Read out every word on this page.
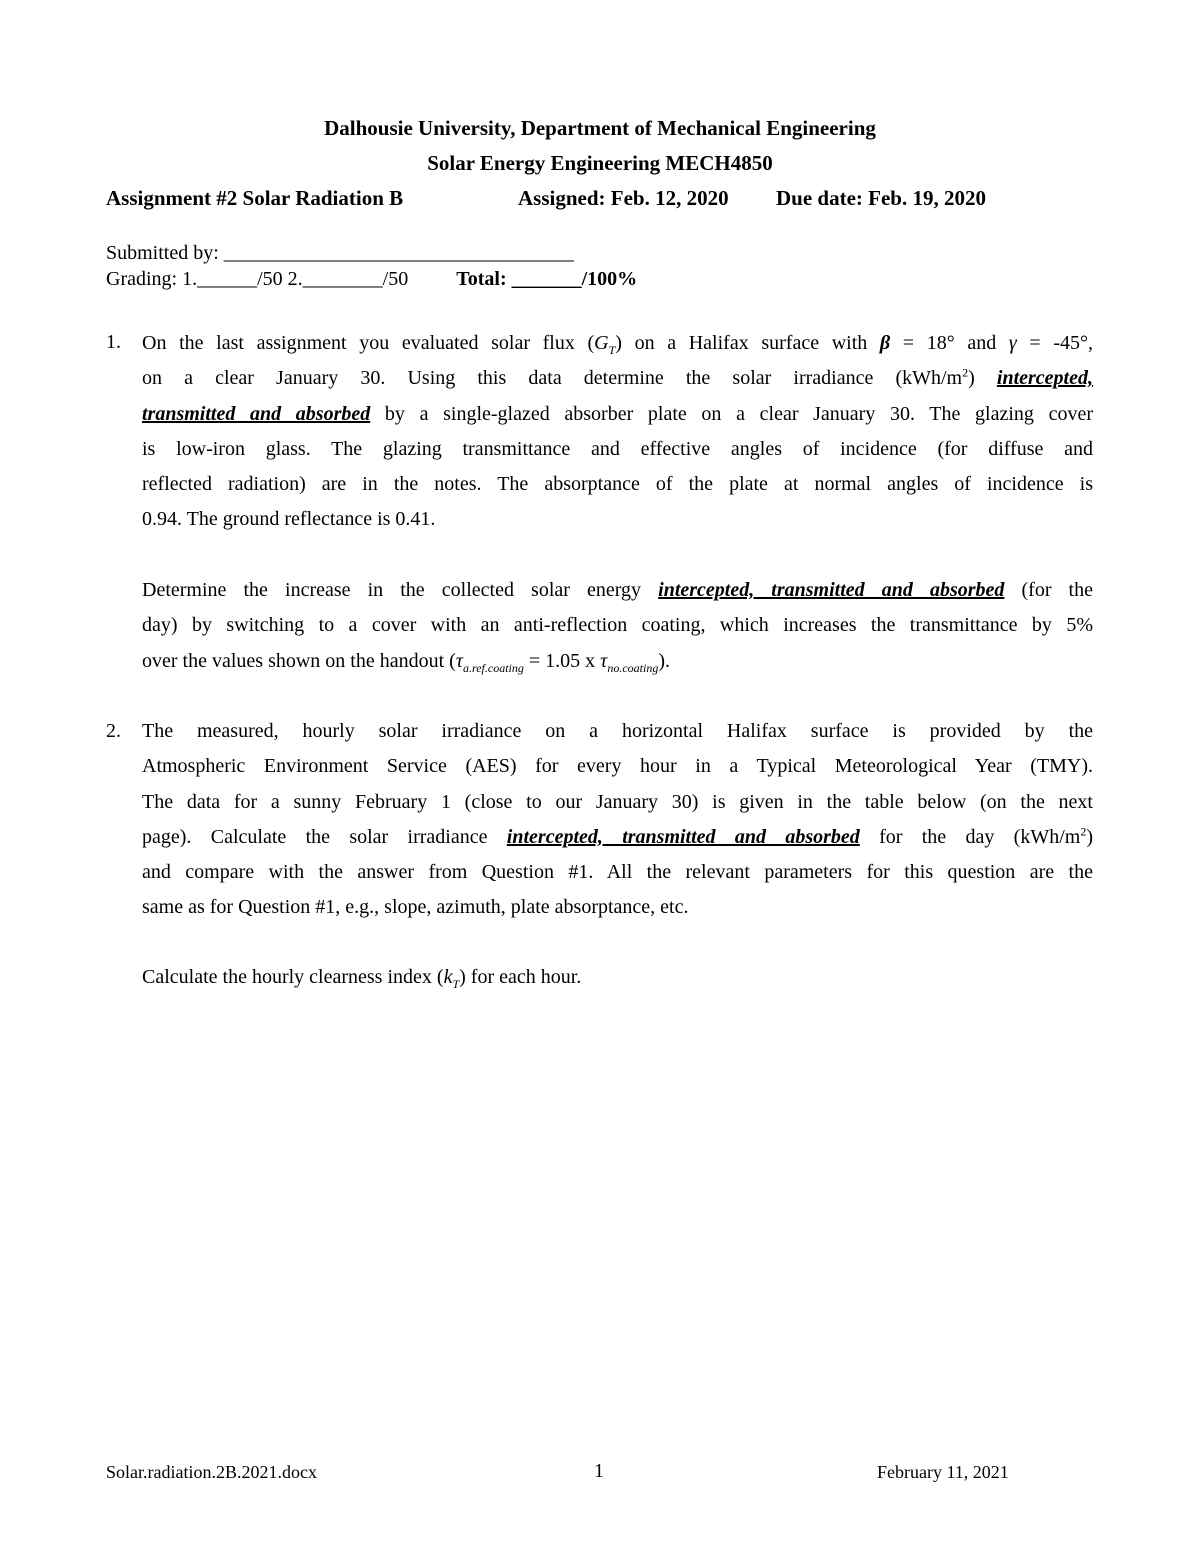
Dalhousie University, Department of Mechanical Engineering
Solar Energy Engineering MECH4850
Assignment #2 Solar Radiation B	Assigned: Feb. 12, 2020 Due date: Feb. 19, 2020
Submitted by: ___________________________________
Grading: 1.______/50 2.________/50 Total: _______/100%
1. On the last assignment you evaluated solar flux $(G_T)$ on a Halifax surface with β = 18° and γ = -45°,
on a clear January 30. Using this data determine the solar irradiance $(kWh/m^2)$ intercepted,
transmitted and absorbed by a single-glazed absorber plate on a clear January 30. The glazing cover
is low-iron glass. The glazing transmittance and effective angles of incidence (for diffuse and
reflected radiation) are in the notes. The absorptance of the plate at normal angles of incidence is
0.94. The ground reflectance is 0.41.
Determine the increase in the collected solar energy intercepted, transmitted and absorbed (for the
day) by switching to a cover with an anti-reflection coating, which increases the transmittance by 5%
over the values shown on the handout ($\tau_{a.ref.coating} = 1.05$ x $\tau_{no.coating}$).
2. The measured, hourly solar irradiance on a horizontal Halifax surface is provided by the
Atmospheric Environment Service (AES) for every hour in a Typical Meteorological Year (TMY).
The data for a sunny February 1 (close to our January 30) is given in the table below (on the next
page). Calculate the solar irradiance intercepted, transmitted and absorbed for the day $(kWh/m^2)$
and compare with the answer from Question #1. All the relevant parameters for this question are the
same as for Question #1, e.g., slope, azimuth, plate absorptance, etc.
Calculate the hourly clearness index $(k_T)$ for each hour.
Solar.radiation.2B.2021.docx	1	February 11, 2021
